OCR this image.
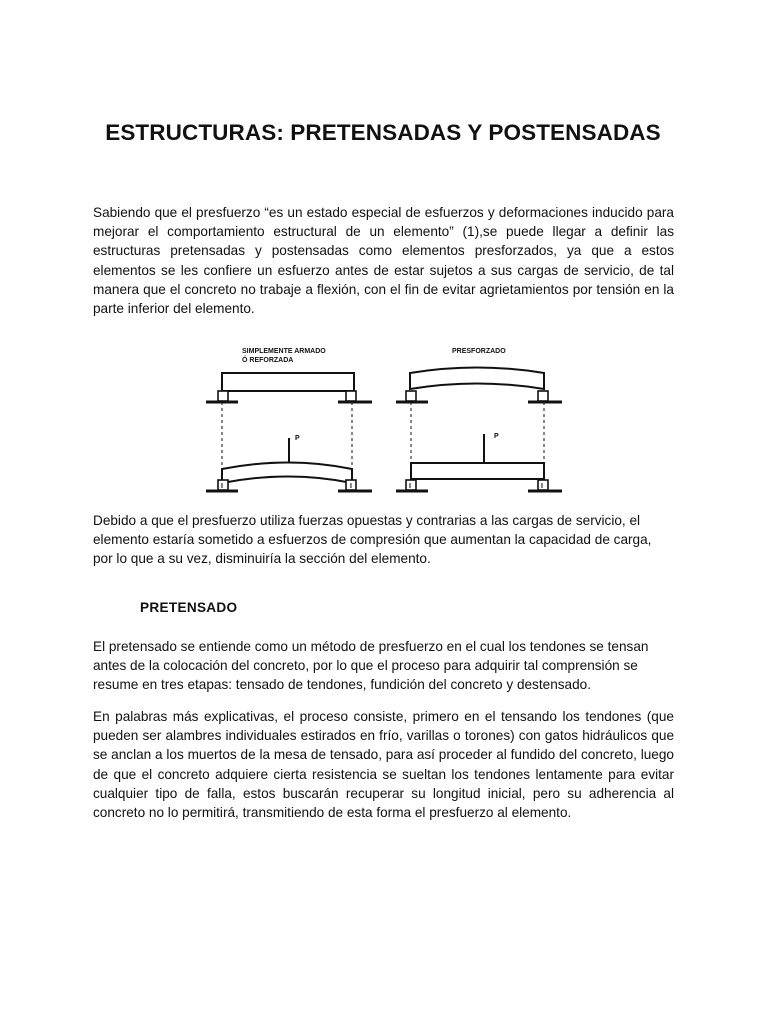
ESTRUCTURAS: PRETENSADAS Y POSTENSADAS
Sabiendo que el presfuerzo “es un estado especial de esfuerzos y deformaciones inducido para mejorar el comportamiento estructural de un elemento” (1),se puede llegar a definir las estructuras pretensadas y postensadas como elementos presforzados, ya que a estos elementos se les confiere un esfuerzo antes de estar sujetos a sus cargas de servicio, de tal manera que el concreto no trabaje a flexión, con el fin de evitar agrietamientos por tensión en la parte inferior del elemento.
SIMPLEMENTE ARMADO
Ó REFORZADA
P
I	I
PRESFORZADO
P
I	I
Debido a que el presfuerzo utiliza fuerzas opuestas y contrarias a las cargas de servicio, el elemento estaría sometido a esfuerzos de compresión que aumentan la capacidad de carga, por lo que a su vez, disminuiría la sección del elemento.
PRETENSADO
El pretensado se entiende como un método de presfuerzo en el cual los tendones se tensan antes de la colocación del concreto, por lo que el proceso para adquirir tal comprensión se resume en tres etapas: tensado de tendones, fundición del concreto y destensado.
En palabras más explicativas, el proceso consiste, primero en el tensando los tendones (que pueden ser alambres individuales estirados en frío, varillas o torones) con gatos hidráulicos que se anclan a los muertos de la mesa de tensado, para así proceder al fundido del concreto, luego de que el concreto adquiere cierta resistencia se sueltan los tendones lentamente para evitar cualquier tipo de falla, estos buscarán recuperar su longitud inicial, pero su adherencia al concreto no lo permitirá, transmitiendo de esta forma el presfuerzo al elemento.
